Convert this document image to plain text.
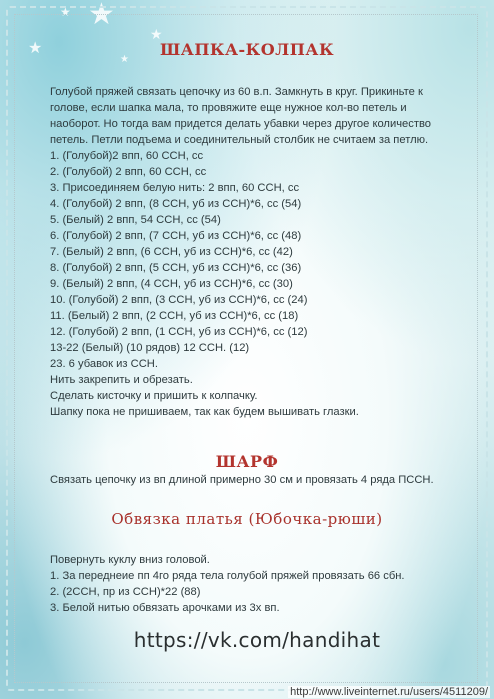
★
★
★
★
★
ШАПКА-КОЛПАК
Голубой пряжей связать цепочку из 60 в.п. Замкнуть в круг. Прикиньте к голове, если шапка мала, то провяжите еще нужное кол-во петель и наоборот. Но тогда вам придется делать убавки через другое количество петель. Петли подъема и соединительный столбик не считаем за петлю.
1. (Голубой)2 впп, 60 ССН, сс
2. (Голубой) 2 впп, 60 ССН, сс
3. Присоединяем белую нить: 2 впп, 60 ССН, сс
4. (Голубой) 2 впп, (8 ССН, уб из ССН)*6, сс (54)
5. (Белый) 2 впп, 54 ССН, сс (54)
6. (Голубой) 2 впп, (7 ССН, уб из ССН)*6, сс (48)
7. (Белый) 2 впп, (6 ССН, уб из ССН)*6, сс (42)
8. (Голубой) 2 впп, (5 ССН, уб из ССН)*6, сс (36)
9. (Белый) 2 впп, (4 ССН, уб из ССН)*6, сс (30)
10. (Голубой) 2 впп, (3 ССН, уб из ССН)*6, сс (24)
11. (Белый) 2 впп, (2 ССН, уб из ССН)*6, сс (18)
12. (Голубой) 2 впп, (1 ССН, уб из ССН)*6, сс (12)
13-22 (Белый) (10 рядов) 12 ССН. (12)
23. 6 убавок из ССН.
Нить закрепить и обрезать.
Сделать кисточку и пришить к колпачку.
Шапку пока не пришиваем, так как будем вышивать глазки.
ШАРФ
Связать цепочку из вп длиной примерно 30 см и провязать 4 ряда ПССН.
Обвязка платья (Юбочка-рюши)
Повернуть куклу вниз головой.
1. За переднеие пп 4го ряда тела голубой пряжей провязать 66 сбн.
2. (2ССН, пр из ССН)*22 (88)
3. Белой нитью обвязать арочками из 3х вп.
https://vk.com/handihat
http://www.liveinternet.ru/users/4511209/
